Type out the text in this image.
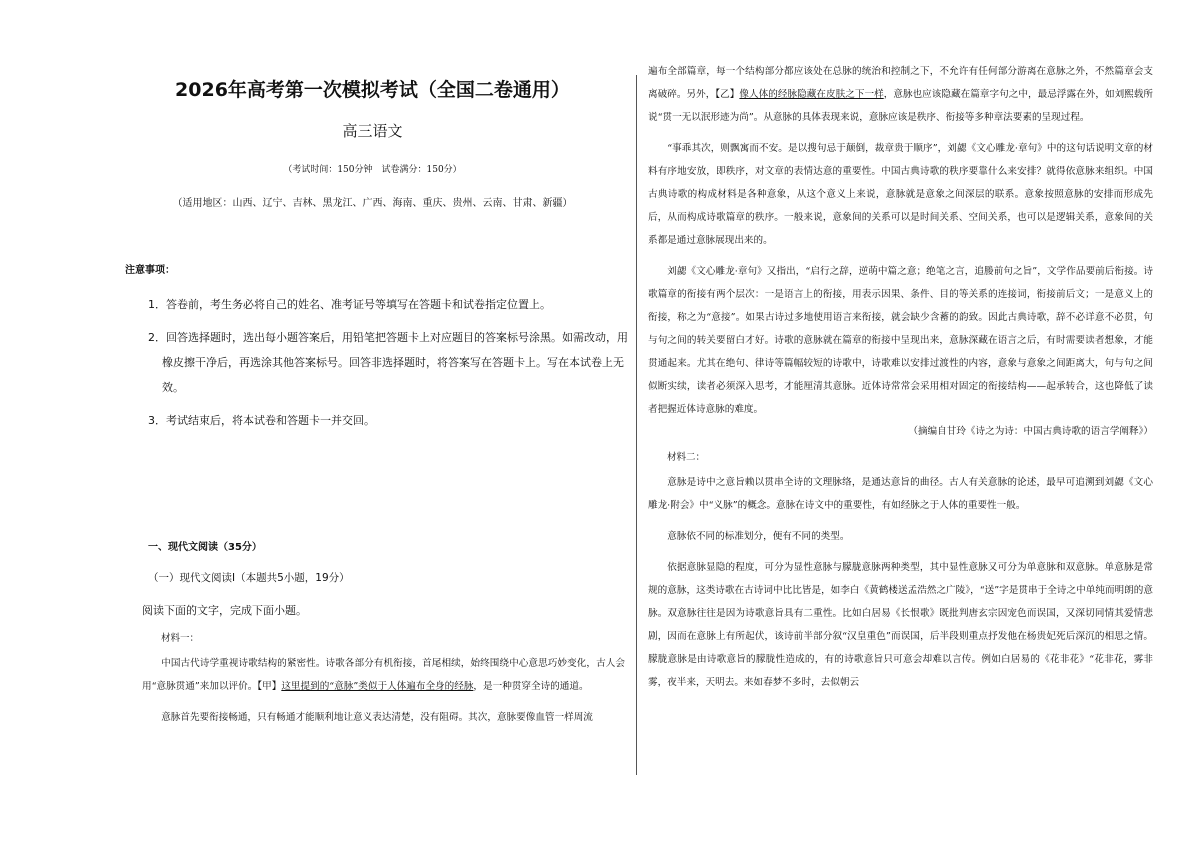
2026年高考第一次模拟考试（全国二卷通用）
高三语文
（考试时间：150分钟　试卷满分：150分）
（适用地区：山西、辽宁、吉林、黑龙江、广西、海南、重庆、贵州、云南、甘肃、新疆）
注意事项：
1．答卷前，考生务必将自己的姓名、准考证号等填写在答题卡和试卷指定位置上。
2．回答选择题时，选出每小题答案后，用铅笔把答题卡上对应题目的答案标号涂黑。如需改动，用橡皮擦干净后，再选涂其他答案标号。回答非选择题时，将答案写在答题卡上。写在本试卷上无效。
3．考试结束后，将本试卷和答题卡一并交回。
一、现代文阅读（35分）
（一）现代文阅读Ⅰ（本题共5小题，19分）
阅读下面的文字，完成下面小题。

材料一：

中国古代诗学重视诗歌结构的紧密性。诗歌各部分有机衔接，首尾相续，始终围绕中心意思巧妙变化，古人会用“意脉贯通”来加以评价。【甲】这里提到的“意脉”类似于人体遍布全身的经脉，是一种贯穿全诗的通道。

意脉首先要衔接畅通，只有畅通才能顺利地让意义表达清楚，没有阻碍。其次，意脉要像血管一样周流

遍布全部篇章，每一个结构部分都应该处在总脉的统治和控制之下，不允许有任何部分游离在意脉之外，不然篇章会支离破碎。另外，【乙】像人体的经脉隐藏在皮肤之下一样，意脉也应该隐藏在篇章字句之中，最忌浮露在外，如刘熙载所说“贯一无以泯形迹为尚”。从意脉的具体表现来说，意脉应该是秩序、衔接等多种章法要素的呈现过程。

“事乖其次，则飘寓而不安。是以搜句忌于颠倒，裁章贵于顺序”，刘勰《文心雕龙·章句》中的这句话说明文章的材料有序地安放，即秩序，对文章的表情达意的重要性。中国古典诗歌的秩序要靠什么来安排？就得依意脉来组织。中国古典诗歌的构成材料是各种意象，从这个意义上来说，意脉就是意象之间深层的联系。意象按照意脉的安排而形成先后，从而构成诗歌篇章的秩序。一般来说，意象间的关系可以是时间关系、空间关系，也可以是逻辑关系，意象间的关系都是通过意脉展现出来的。

刘勰《文心雕龙·章句》又指出，“启行之辞，逆萌中篇之意；绝笔之言，追媵前句之旨”，文学作品要前后衔接。诗歌篇章的衔接有两个层次：一是语言上的衔接，用表示因果、条件、目的等关系的连接词，衔接前后文；一是意义上的衔接，称之为“意接”。如果古诗过多地使用语言来衔接，就会缺少含蓄的韵致。因此古典诗歌，辞不必详意不必贯，句与句之间的转关要留白才好。诗歌的意脉就在篇章的衔接中呈现出来，意脉深藏在语言之后，有时需要读者想象，才能贯通起来。尤其在绝句、律诗等篇幅较短的诗歌中，诗歌难以安排过渡性的内容，意象与意象之间距离大，句与句之间似断实续，读者必须深入思考，才能厘清其意脉。近体诗常常会采用相对固定的衔接结构——起承转合，这也降低了读者把握近体诗意脉的难度。

（摘编自甘玲《诗之为诗：中国古典诗歌的语言学阐释》）

材料二：

意脉是诗中之意旨赖以贯串全诗的文理脉络，是通达意旨的曲径。古人有关意脉的论述，最早可追溯到刘勰《文心雕龙·附会》中“义脉”的概念。意脉在诗文中的重要性，有如经脉之于人体的重要性一般。

意脉依不同的标准划分，便有不同的类型。

依据意脉显隐的程度，可分为显性意脉与朦胧意脉两种类型，其中显性意脉又可分为单意脉和双意脉。单意脉是常规的意脉，这类诗歌在古诗词中比比皆是，如李白《黄鹤楼送孟浩然之广陵》，“送”字是贯串于全诗之中单纯而明朗的意脉。双意脉往往是因为诗歌意旨具有二重性。比如白居易《长恨歌》既批判唐玄宗因宠色而误国，又深切同情其爱情悲剧，因而在意脉上有所起伏，该诗前半部分叙“汉皇重色”而误国，后半段则重点抒发他在杨贵妃死后深沉的相思之情。朦胧意脉是由诗歌意旨的朦胧性造成的，有的诗歌意旨只可意会却难以言传。例如白居易的《花非花》“花非花，雾非雾，夜半来，天明去。来如春梦不多时，去似朝云
